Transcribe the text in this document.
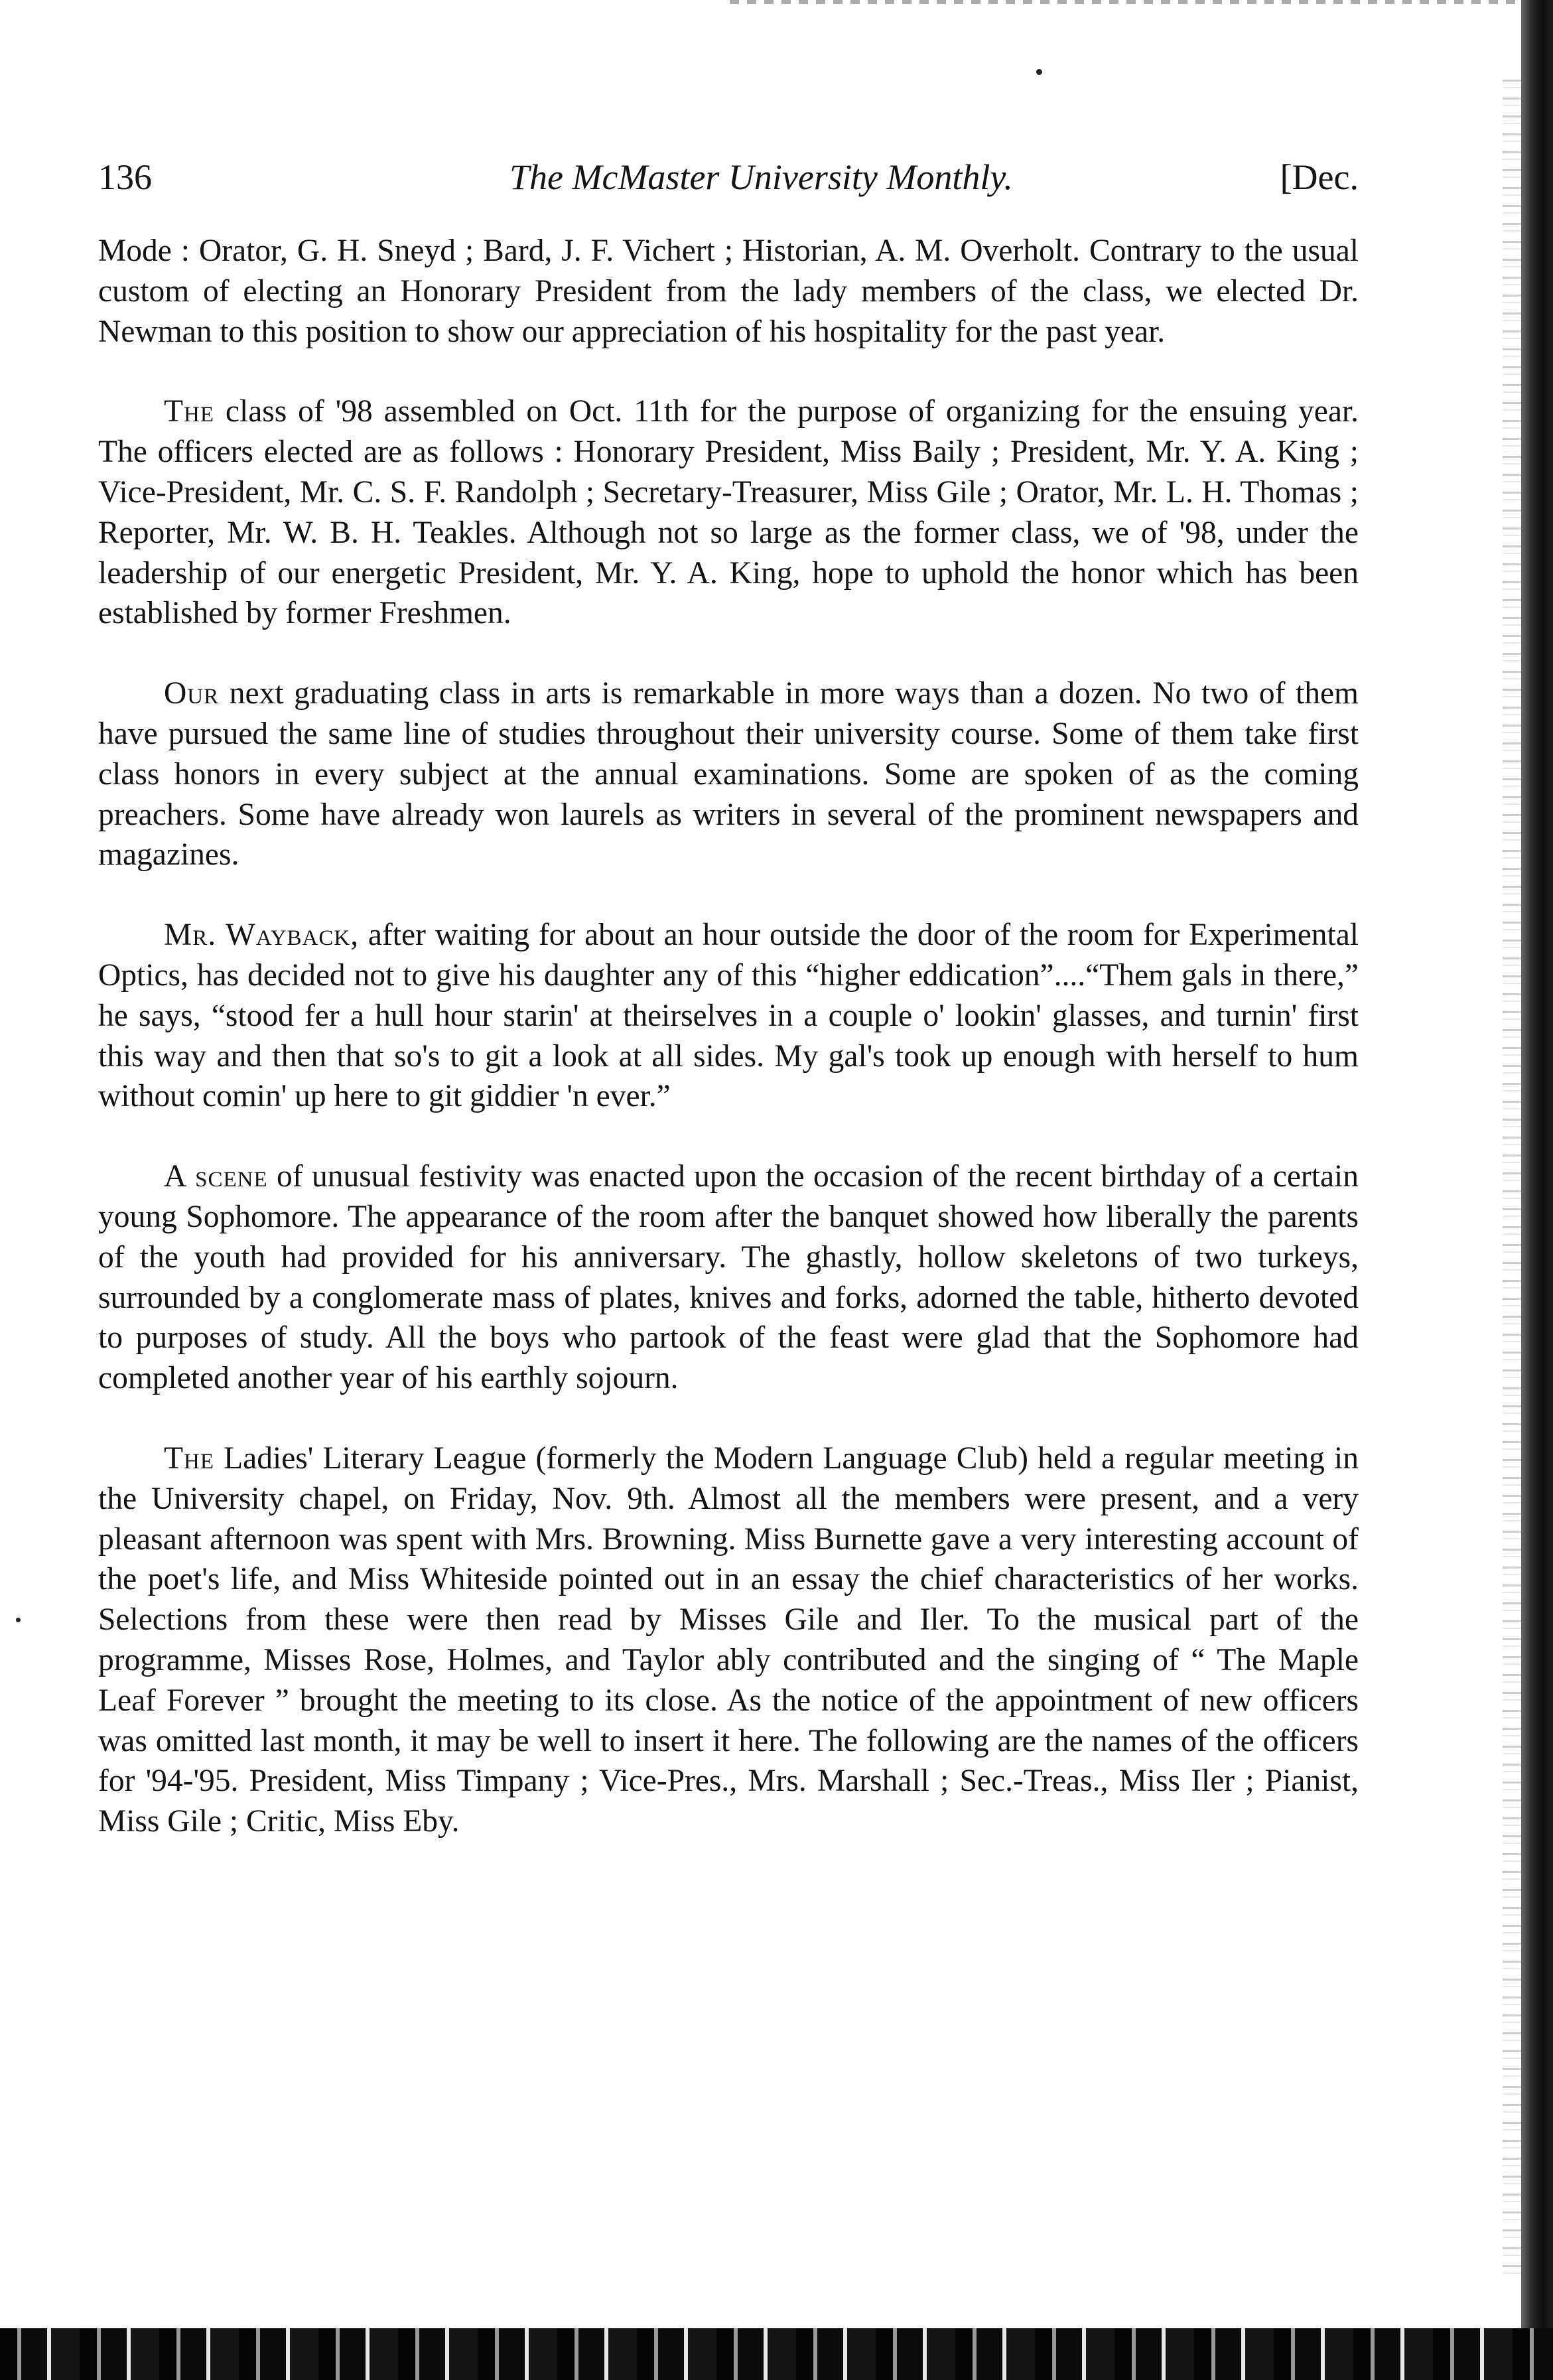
136	The McMaster University Monthly.	[Dec.

Mode : Orator, G. H. Sneyd ; Bard, J. F. Vichert ; Historian, A. M. Overholt. Contrary to the usual custom of electing an Honorary President from the lady members of the class, we elected Dr. Newman to this position to show our appreciation of his hospitality for the past year.

The class of '98 assembled on Oct. 11th for the purpose of organizing for the ensuing year. The officers elected are as follows : Honorary President, Miss Baily ; President, Mr. Y. A. King ; Vice-President, Mr. C. S. F. Randolph ; Secretary-Treasurer, Miss Gile ; Orator, Mr. L. H. Thomas ; Reporter, Mr. W. B. H. Teakles. Although not so large as the former class, we of '98, under the leadership of our energetic President, Mr. Y. A. King, hope to uphold the honor which has been established by former Freshmen.

Our next graduating class in arts is remarkable in more ways than a dozen. No two of them have pursued the same line of studies throughout their university course. Some of them take first class honors in every subject at the annual examinations. Some are spoken of as the coming preachers. Some have already won laurels as writers in several of the prominent newspapers and magazines.

Mr. Wayback, after waiting for about an hour outside the door of the room for Experimental Optics, has decided not to give his daughter any of this “higher eddication”....“Them gals in there,” he says, “stood fer a hull hour starin' at theirselves in a couple o' lookin' glasses, and turnin' first this way and then that so's to git a look at all sides. My gal's took up enough with herself to hum without comin' up here to git giddier 'n ever.”

A scene of unusual festivity was enacted upon the occasion of the recent birthday of a certain young Sophomore. The appearance of the room after the banquet showed how liberally the parents of the youth had provided for his anniversary. The ghastly, hollow skeletons of two turkeys, surrounded by a conglomerate mass of plates, knives and forks, adorned the table, hitherto devoted to purposes of study. All the boys who partook of the feast were glad that the Sophomore had completed another year of his earthly sojourn.

The Ladies' Literary League (formerly the Modern Language Club) held a regular meeting in the University chapel, on Friday, Nov. 9th. Almost all the members were present, and a very pleasant afternoon was spent with Mrs. Browning. Miss Burnette gave a very interesting account of the poet's life, and Miss Whiteside pointed out in an essay the chief characteristics of her works. Selections from these were then read by Misses Gile and Iler. To the musical part of the programme, Misses Rose, Holmes, and Taylor ably contributed and the singing of “ The Maple Leaf Forever ” brought the meeting to its close. As the notice of the appointment of new officers was omitted last month, it may be well to insert it here. The following are the names of the officers for '94-'95. President, Miss Timpany ; Vice-Pres., Mrs. Marshall ; Sec.-Treas., Miss Iler ; Pianist, Miss Gile ; Critic, Miss Eby.
